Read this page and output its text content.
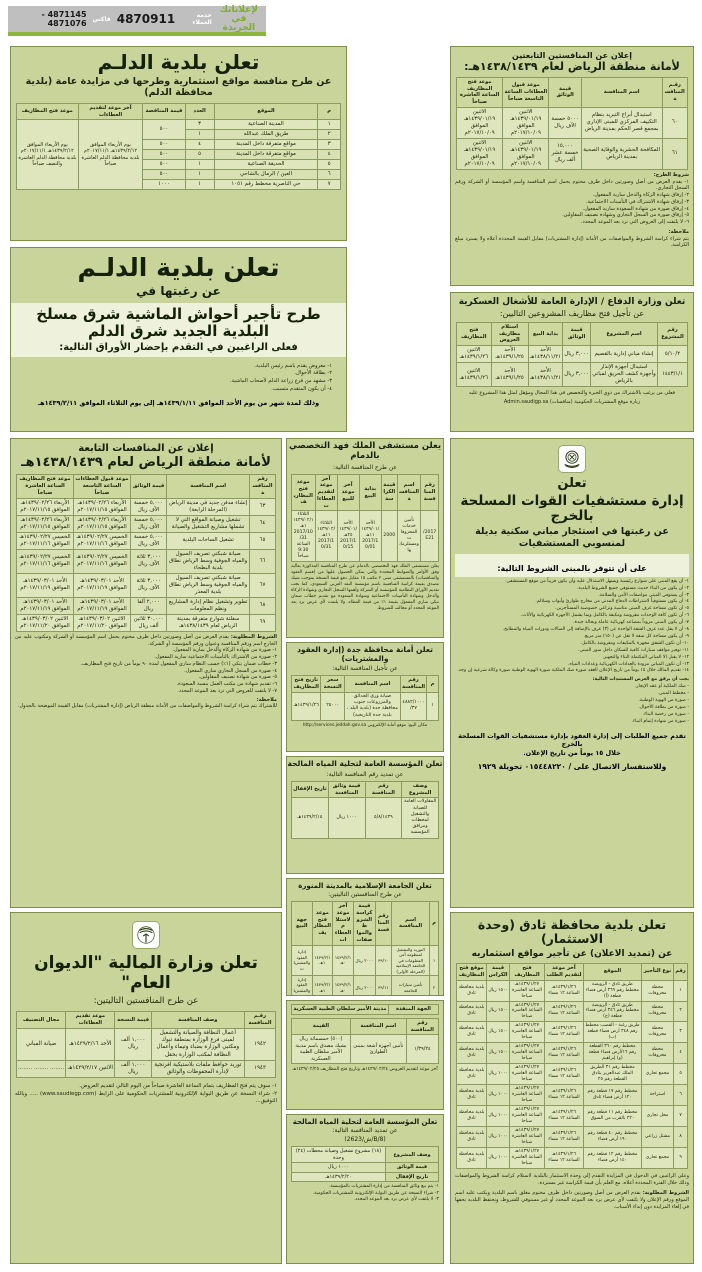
لإعلاناتك
في الجريدة
خدمة العملاء
4870911
فاكس
4871145 - 4871076
تعلن بلدية الدلـم
عن طرح منافسة مواقع استثمارية وطرحها في مزايدة عامة (بلدية محافظة الدلم)
م	الموقع	العدد	قيمة المناقصة	آخر موعد لتقديم العطاءات	موعد فتح المظاريف
١	المدينة الصناعية	٣	٥٠٠	يوم الأربعاء الموافق ١٤٣٩/٢/١٢هـ ٢٠١٧/١١/١م بلدية محافظة الدلم العاشرة صباحاً	يوم الأربعاء الموافق ١٤٣٩/٢/١٢هـ ٢٠١٧/١١/١م بلدية محافظة الدلم العاشرة والنصف صباحاً
٢	طريق الملك عبدالله	١			
٣	مواقع متفرقة داخل المدينة	٤	٥٠٠		
٤	مواقع متفرقة داخل المدينة	٥	٥٠٠		
٥	الحديقة الصناعية	١	٥٠٠		
٦	العين / الرمال بالشاحي	١	٥٠٠		
٧	حي الناصرية مخطط رقم ١٠٥١	١	١٠٠٠		
إعلان عن المنافستين التابعتين
لأمانة منطقة الرياض لعام ١٤٣٨/١٤٣٩هـ:
رقـم المنافسة	اسم المنافسة	قيمة الوثائق	موعد قبول العطاءات الساعة التاسعة صباحاً	موعد فتح المظاريف الساعة العاشرة صباحاً
٦٠	استبدال أبراج التبريد بنظام التكييف المركزي للمبنى الإداري بمجمع قصر الحكم بمدينة الرياض	٥٠٠٠ خمسة الآف ريال	الاثنين ١٤٣٩/٠١/١٩هـ الموافق ٢٠١٧/١٠/٠٩م	الاثنين ١٤٣٩/٠١/١٩هـ الموافق ٢٠١٧/١٠/٠٩م
٦١	المكافحة الحشرية والوقاية الصحية بمدينة الرياض	١٥,٠٠٠ خمسة عشر ألف ريال	الاثنين ١٤٣٩/٠١/١٩هـ الموافق ٢٠١٧/١٠/٠٩م	الاثنين ١٤٣٩/٠١/١٩هـ الموافق ٢٠١٧/١٠/٠٩م
شروط الطرح:
١- يقدم العرض من أصل وصورتين داخل ظرف مختوم يحمل اسم المنافسة واسم المؤسسة أو الشركة ورقم السجل التجاري.
٢- إرفاق شهادة الزكاة والدخل سارية المفعول.
٣- إرفاق شهادة الاشتراك في التأمينات الاجتماعية.
٤- إرفاق صورة من شهادة السعودة سارية المفعول.
٥- إرفاق صورة من السجل التجاري وشهادة تصنيف المقاولين.
٦- لا يلتفت إلى العروض التي ترد بعد الموعد المحدد.
ملاحظة:
يتم شراء كراسة الشروط والمواصفات من الأمانة (إدارة المشتريات) مقابل القيمة المحددة أعلاه ولا يسترد مبلغ الكراسة.
تعلن بلدية الدلـم
عن رغبتها في
طرح تأجير أحواش الماشية شرق مسلخ البلدية الجديد شرق الدلم
فعلى الراغبين في التقدم بإحضار الأوراق التالية:
١- معروض يقدم باسم رئيس البلدية.
٢- بطاقة الأحوال.
٣- مشهد من فرع زراعة الدلم لأصحاب الماشية.
٤- أن يكون المتقدم متسبب.
وذلك لمدة شهر من يوم الأحد الموافق ١٤٣٩/١/١١هـ إلى يوم الثلاثاء الموافق ١٤٣٩/٢/١١هـ
تعلن وزارة الدفاع / الإدارة العامة للأشغال العسكرية
عن تأجيل فتح مظاريف المشروعين التاليين:
رقم المشروع	اسم المشروع	قيمة الوثائق	بداية البيع	استلام مظاريف العروض	فتح المظاريف
٥/١٠/٢	إنشاء مباني إدارية بالقصيم	٣,٠٠٠ ريال	الأحد ١٤٣٨/١١/٢١هـ	الأحد ١٤٣٩/١/٢٥هـ	الاثنين ١٤٣٩/١/٢٦هـ
١٤٤٣/١/١	استبدال أجهزة الإنذار وأجهزة كشف الحريق لمباني بالرياض	٣,٠٠٠ ريال	الأحد ١٤٣٨/١١/٢١هـ	الأحد ١٤٣٩/١/٢٥هـ	الاثنين ١٤٣٩/١/٢٦هـ
فعلى من يرغب بالاشتراك من ذوي الخبرة والتخصص في هذا المجال ومؤهل لمثل هذا المشروع عليه
زيارة موقع المشتريات الحكومية (منافسات) Admin.saudigp.sa
إعلان عن المنافسات التابعة
لأمانة منطقة الرياض لعام ١٤٣٨/١٤٣٩هـ
رقم المنافسة	اسم المنافسة	قيمة الوثائق	موعد قبول العطاءات الساعة التاسعة صباحاً	موعد فتح المظاريف الساعة العاشرة صباحاً
٦٣	إنشاء مدفن جديد في مدينة الرياض (المرحلة الرابعة)	٥,٠٠٠ خمسة الآف ريال	الأربعاء ١٤٣٩/٠٢/٢٦هـ الموافق ٢٠١٧/١١/١٥م	الأربعاء ١٤٣٩/٠٢/٢٦هـ الموافق ٢٠١٧/١١/١٥م
٦٤	تشغيل وصيانة المواقع التي لا تشملها مشاريع التشغيل والصيانة	٥,٠٠٠ خمسة الآف ريال	الأربعاء ١٤٣٩/٠٢/٢٦هـ الموافق ٢٠١٧/١١/١٥م	الأربعاء ١٤٣٩/٠٢/٢٦هـ الموافق ٢٠١٧/١١/١٥م
٦٥	تشغيل الساحات البلدية	٥,٠٠٠ خمسة الآف ريال	الخميس ١٤٣٩/٠٢/٢٧هـ الموافق ٢٠١٧/١١/١٦م	الخميس ١٤٣٩/٠٢/٢٧هـ الموافق ٢٠١٧/١١/١٦م
٦٦	صيانة شبكتي تصريف السيول والمياه الجوفية وسط الرياض نطاق بلدية البطحاء	٣,٠٠٠ ثلاثة الآف ريال	الخميس ١٤٣٩/٠٢/٢٧هـ الموافق ٢٠١٧/١١/١٦م	الخميس ١٤٣٩/٠٢/٢٧هـ الموافق ٢٠١٧/١١/١٦م
٦٧	صيانة شبكتي تصريف السيول والمياه الجوفية وسط الرياض نطاق بلدية المعذر	٣,٠٠٠ ثلاثة الآف ريال	الأحد ١٤٣٩/٠٣/٠١هـ الموافق ٢٠١٧/١١/١٩م	الأحد ١٤٣٩/٠٣/٠١هـ الموافق ٢٠١٧/١١/١٩م
٦٨	تطوير وتشغيل نظام إدارة المشاريع ونظم المعلومات	٢,٠٠٠ ألفا ريال	الأحد ١٤٣٩/٠٣/٠١هـ الموافق ٢٠١٧/١١/١٩م	الأحد ١٤٣٩/٠٣/٠١هـ الموافق ٢٠١٧/١١/١٩م
٦٩	سفلتة شوارع متفرقة بمدينة الرياض لعام ١٤٣٨/١٤٣٩هـ	٣٠,٠٠٠ ثلاثين ألف ريال	الاثنين ١٤٣٩/٠٣/٠٢هـ الموافق ٢٠١٧/١١/٢٠م	الاثنين ١٤٣٩/٠٣/٠٢هـ الموافق ٢٠١٧/١١/٢٠م
الشروط المطلوبة: يقدم العرض من أصل وصورتين داخل ظرف مختوم يحمل اسم المؤسسة أو الشركة ومكتوب عليه من الخارج اسم ورقم المنافسة وعنوان ورقم المؤسسة أو الشركة.
١- صورة من شهادة الزكاة والدخل سارية المفعول.
٢- صورة من الاشتراك بالتأمينات الاجتماعية سارية المفعول.
٣- خطاب ضمان بنكي (١٪) حسب النظام ساري المفعول لمدة ٩٠ يوماً من تاريخ فتح المظاريف.
٤- صورة من السجل التجاري ساري المفعول.
٥- صورة من شهادة تصنيف المقاولين.
٦- تقديم شهادة من مكتب العمل بنسبة السعودة.
٧- لا يلتفت للعروض التي ترد بعد الموعد المحدد.
ملاحظة:
للاشتراك يتم شراء كراسة الشروط والمواصفات من الأمانة منطقة الرياض (إدارة المشتريات) مقابل القيمة الموضحة بالجدول.
يعلن مستشفى الملك فهد التخصصي بالدمام
عن طرح المنافسة التالية:
رقم المنافسة	اسم المنافسة	قيمة الكراسة	بداية البيع	آخر موعد للبيع	آخر موعد لتقديم العطاءات	موعد فتح المظاريف
2017/E21	تأمين خدمات المحروقات ومستلزماتها	2000	الأحد ١٤٣٩/٠١/١١هـ 2017/10/01	الأحد ١٤٣٩/٠١/٢٥هـ 2017/10/15	الثلاثاء ١٤٣٩/٠٢/١١هـ 2017/10/31	الثلاثاء ١٤٣٩/٠٢/١١هـ 2017/10/31 الساعة 9:30 صباحاً
يعلن مستشفى الملك فهد التخصصي بالدمام عن طرح المنافسة المذكورة بعاليه وفق الأوامر والضوابط المحددة والتي يمكن الحصول عليها من (قسم العقود والمناقصات) بالمستشفى مبنى ٢ مكتب ١٥ مقابل دفع قيمة النسخة بموجب شيك مصدق بقيمة كراسة المنافسة باسم مؤسسة النقد العربي السعودي. كما يجب تقديم الأوراق النظامية للمؤسسة أو الشركة وأهمها السجل التجاري وشهادة الزكاة والدخل وشهادة التأمينات الاجتماعية وشهادة السعودة مع تقديم خطاب ضمان بنكي ساري المفعول بقيمة ١٪ من قيمة العطاء، ولا يلتفت لأي عرض يرد بعد الموعد المحدد أو مخالف للشروط.
تعلن أمانة محافظة جدة (إدارة العقود والمشتريات)
عن تأجيل المنافسة التالية:
م	رقم المنافسة	اسم المنافسة	سعر النسخة	تاريخ فتح المظاريف
١	٤٨٨٢/١٠٠٠/٣٧	صيانة وري الحدائق والمزروعات جنوب محافظة جدة (بلدية البلد ، بلدية جدة التاريخية)	٢٥٠٠٠	١٤٣٩/١/٢٦هـ
مكان البيع: موقع أمانة الإلكتروني http://services.jeddah.gov.sa
تعلن المؤسسة العامة لتحلية المياه المالحة
عن تمديد رقم المنافسة التالية:
وصف المشروع	رقم المنافسة	قيمة وثائق المنافسة	تاريخ الإقفال
المقاولات العامة للصيانة والتشغيل لمحطات ومرافق المؤسسة	٥/٨/١٤٣٩	١٠٠٠ ريال	١٤٣٩/٢/١٥هـ
تعلن الجامعة الإسلامية بالمدينة المنورة
عن طرح المنافستين التاليتين:
م	اسم المنافسة	رقم المنافسة	قيمة كراسة الشروط والمواصفات	آخر موعد لاستلام العطاءات	موعد فتح المظاريف	جهة البيع
١	التوريد والتشغيل لمنظومة أمن المعلومات في الجامعة الإسلامية (المرحلة الأولى)	٣٩/١٠	٢٠٠٠ ريال	١٤٣٩/٢/١٠هـ	١٤٣٩/٢/١١هـ	إدارة العقود والمشتريات
٢	تأمين سيارات للجامعة	٣٩/١١	٢٠٠٠ ريال	١٤٣٩/٢/١٠هـ	١٤٣٩/٢/١١هـ	إدارة العقود والمشتريات
الجهة المنفذة	مدينة الأمير سلطان الطبية العسكرية
رقم المنافسة	اسم المنافسة	القيمة
١/٣٩/٢٤	تأمين أجهزة أشعة بمبنى الطوارئ	(٥٠٠) خمسمائة ريال بشيك مصدق باسم مدينة الأمير سلطان الطبية العسكرية
آخر موعد لتقديم العروض ١٤٣٩/٠٢/٢٤هـ وتاريخ فتح المظاريف ١٤٣٩/٠٢/٢٥هـ
تعلن المؤسسة العامة لتحلية المياه المالحة
عن تمديد المنافسة التالية:
(B/8/ش/2623)
وصف المشروع	(١٨) مشروع تشغيل وصيانة محطات (٢٤) وحدة
قيمة الوثائق	١٠٠٠ ريال
تاريخ الإقفال	١٤٣٩/٢/٢٠هـ
١- يتم بيع وثائق المنافسة من إدارة المشتريات بالمؤسسة.
٢- شراء النسخة عن طريق البوابة الإلكترونية للمشتريات الحكومية.
٣- لا يلتفت لأي عرض يرد بعد الموعد المحدد.
تعلن
إدارة مستشفيات القوات المسلحة بالخرج
عن رغبتها في استئجار مباني سكنية بديلة
لمنسوبي المستشفيات
على أن تتوفر بالمبنى الشروط التالية:
١- أن يقع المبنى على شوارع رئيسية ويسهل الاستدلال عليه وأن يكون قريباً من موقع المستشفى.
٢- أن يكون من البناء حديث مستوفي جميع الشروط البلدية.
٣- أن يستوفي المبنى مواصفات الأمن والسلامة.
٤- أن يكون مستوفياً لاشتراطات الدفاع المدني من مخارج طوارئ وأبواب وسلالم.
٥- أن تكون مساحة غرف المبنى مناسبة وتراعي خصوصية المستأجرين.
٦- أن تكون كافة الوحدات مفروشة ومكيفة بالكامل وبما يشمل الأجهزة الكهربائية والأثاث.
٧- أن يكون المبنى مزوداً بمصاعد كهربائية عاملة وبحالة جيدة.
٨- أن لا يقل عدد غرف الشقة الواحدة عن (٣) غرف بالإضافة إلى الصالات ودورات المياه والمطابخ.
٩- أن يكون مساحة كل شقة لا تقل عن (١٥٠) متر مربع.
١٠- أن تكون الشقق مجهزة بالمكيفات ومفروشة بالكامل.
١١- توفير مواقف سيارات كافية للسكان داخل سور المبنى.
١٢- لا يقبل الا المباني المكتملة البناء والتجهيز.
١٣- أن تكون المباني مزودة بالعدادات الكهربائية وعدادات المياه.
١٤- تقديم المالك خلال ١٥ يوماً من تاريخ الإعلان العقد صورة صك الملكية صورة الهوية الوطنية صورة وكالة شرعية إن وجد.
يجب أن يرفق مع العرض المستندات التالية:
- صك الملكية أو عقد الإيجار.
- مخطط المبنى.
- صورة من الهوية الوطنية.
- صورة من بطاقة الأحوال.
- صورة من رخصة البناء.
- صورة من شهادة إتمام البناء.
تقدم جميع الطلبات إلى إدارة العقود بإدارة مستشفيات القوات المسلحة بالخرج
خلال ١٥ يوماً من تاريخ الإعلان.
وللاستفسار الاتصال على / ٠١٥٤٤٨٢٢٠ تحويلة ١٩٢٩
تعلن وزارة المالية "الديوان العام"
عن طرح المنافستين التاليتين:
رقـم المنافسة	وصف المنافسة	قيمة النسخة	موعد تقديم العطاءات	مجال التصنيف
١٩٤٢	أعمال النظافة والصيانة والتشغيل لمبنى فرع الوزارة بمنطقة تبوك ومكتبي الوزارة بضباء وتيماء وأعمال النظافة لمكتب الوزارة بحقل	١,٠٠٠ ألف ريال	الأحد ١٤٣٩/٢/١٦هـ	صيانة المباني
١٩٤٣	توريد حوافظ ملفات بلاستيكية افرنجية لإدارة المحفوظات والوثائق	١,٠٠٠ ألف ريال	الاثنين ١٤٣٩/٢/١٧هـ	........ ........ ........
١- سوف يتم فتح المظاريف بتمام الساعة العاشرة صباحاً من اليوم التالي لتقديم العروض.
٢- شراء النسخة عن طريق البوابة الإلكترونية للمشتريات الحكومية على الرابط (www.saudiegp.com) ..... وبالله التوفيق...
تعلن بلدية محافظة ثادق (وحدة الاستثمار)
عن (تمديد الاعلان) عن تأجير مواقع استثماريه
رقم	نوع التأجير	الموقع	آخر موعد لتقديم الطلب	فتح المظاريف	قيمة الكراس	موقع فتح المظاريف
١	محطة محروقات	طريق ثادق - الرويضة مخطط رقم ٣٦٩ أرض فضاء قطعة (أ)	١٤٣٩/١/٢٦هـ الساعة ١٢ مساء	١٤٣٩/١/٢٧هـ الساعة العاشرة صباحا	١٥٠٠ ريال	بلدية محافظة ثادق
٢	محطة محروقات	طريق ثادق - الرويضة مخطط رقم ٣٤٦ أرض فضاء قطعة (ج)	١٤٣٩/١/٢٦هـ الساعة ١٢ مساء	١٤٣٩/١/٢٧هـ الساعة العاشرة صباحا	١٥٠٠ ريال	بلدية محافظة ثادق
٣	محطة محروقات	طريق رغبة - القصب مخطط رقم ٣٤٨ أرض فضاء قطعة (ب)	١٤٣٩/١/٢٦هـ الساعة ١٢ مساء	١٤٣٩/١/٢٧هـ الساعة العاشرة صباحا	١٥٠٠ ريال	بلدية محافظة ثادق
٤	محطة محروقات	مخطط رقم ٣٦٠ القطعة رقم ١٦/أرض فضاء قطعة (و) إبراهيم	١٤٣٩/١/٢٦هـ الساعة ١٢ مساء	١٤٣٩/١/٢٧هـ الساعة العاشرة صباحا	١٥٠٠ ريال	بلدية محافظة ثادق
٥	مجمع تجاري	مخطط رقم ٣١ الطريق الملك عبدالعزيز بثادق القطعة رقم ٢٥	١٤٣٩/١/٢٦هـ الساعة ١٢ مساء	١٤٣٩/١/٢٧هـ الساعة العاشرة صباحا	١٠٠٠ ريال	بلدية محافظة ثادق
٦	استراحة	مخطط رقم ١٧ قطعة رقم ١٢٠ أرض فضاء ثادق	١٤٣٩/١/٢٦هـ الساعة ١٢ مساء	١٤٣٩/١/٢٧هـ الساعة العاشرة صباحا	١٠٠٠ ريال	بلدية محافظة ثادق
٧	محل تجاري	مخطط رقم ١١ قطعة رقم ٢٢٠ بالقرب من السوق	١٤٣٩/١/٢٦هـ الساعة ١٢ مساء	١٤٣٩/١/٢٧هـ الساعة العاشرة صباحا	١٠٠٠ ريال	بلدية محافظة ثادق
٨	مشتل زراعي	مخطط رقم ٤٠ قطعة رقم ١٩٠ أرض فضاء	١٤٣٩/١/٢٦هـ الساعة ١٢ مساء	١٤٣٩/١/٢٧هـ الساعة العاشرة صباحا	١٠٠٠ ريال	بلدية محافظة ثادق
٩	مجمع تجاري	مخطط رقم ١٢ قطعة رقم ١٤٠ أرض فضاء	١٤٣٩/١/٢٦هـ الساعة ١٢ مساء	١٤٣٩/١/٢٧هـ الساعة العاشرة صباحا	١٠٠٠ ريال	بلدية محافظة ثادق
وعلى الراغبين في الدخول في المزايدة التقدم إلى وحدة الاستثمار بالبلدية لاستلام كراسة الشروط والمواصفات وذلك خلال الفترة المحددة أعلاه، مع العلم بأن قيمة الكراسة غير مستردة.
الشروط المطلوبة: يقدم العرض من أصل وصورتين داخل ظرف مختوم مغلق باسم البلدية ويكتب عليه اسم الموقع ورقم الإعلان ولا يلتفت لأي عرض يرد بعد الموعد المحدد أو غير مستوفي للشروط، وتحتفظ البلدية بحقها في إلغاء المزايدة دون إبداء الأسباب.
